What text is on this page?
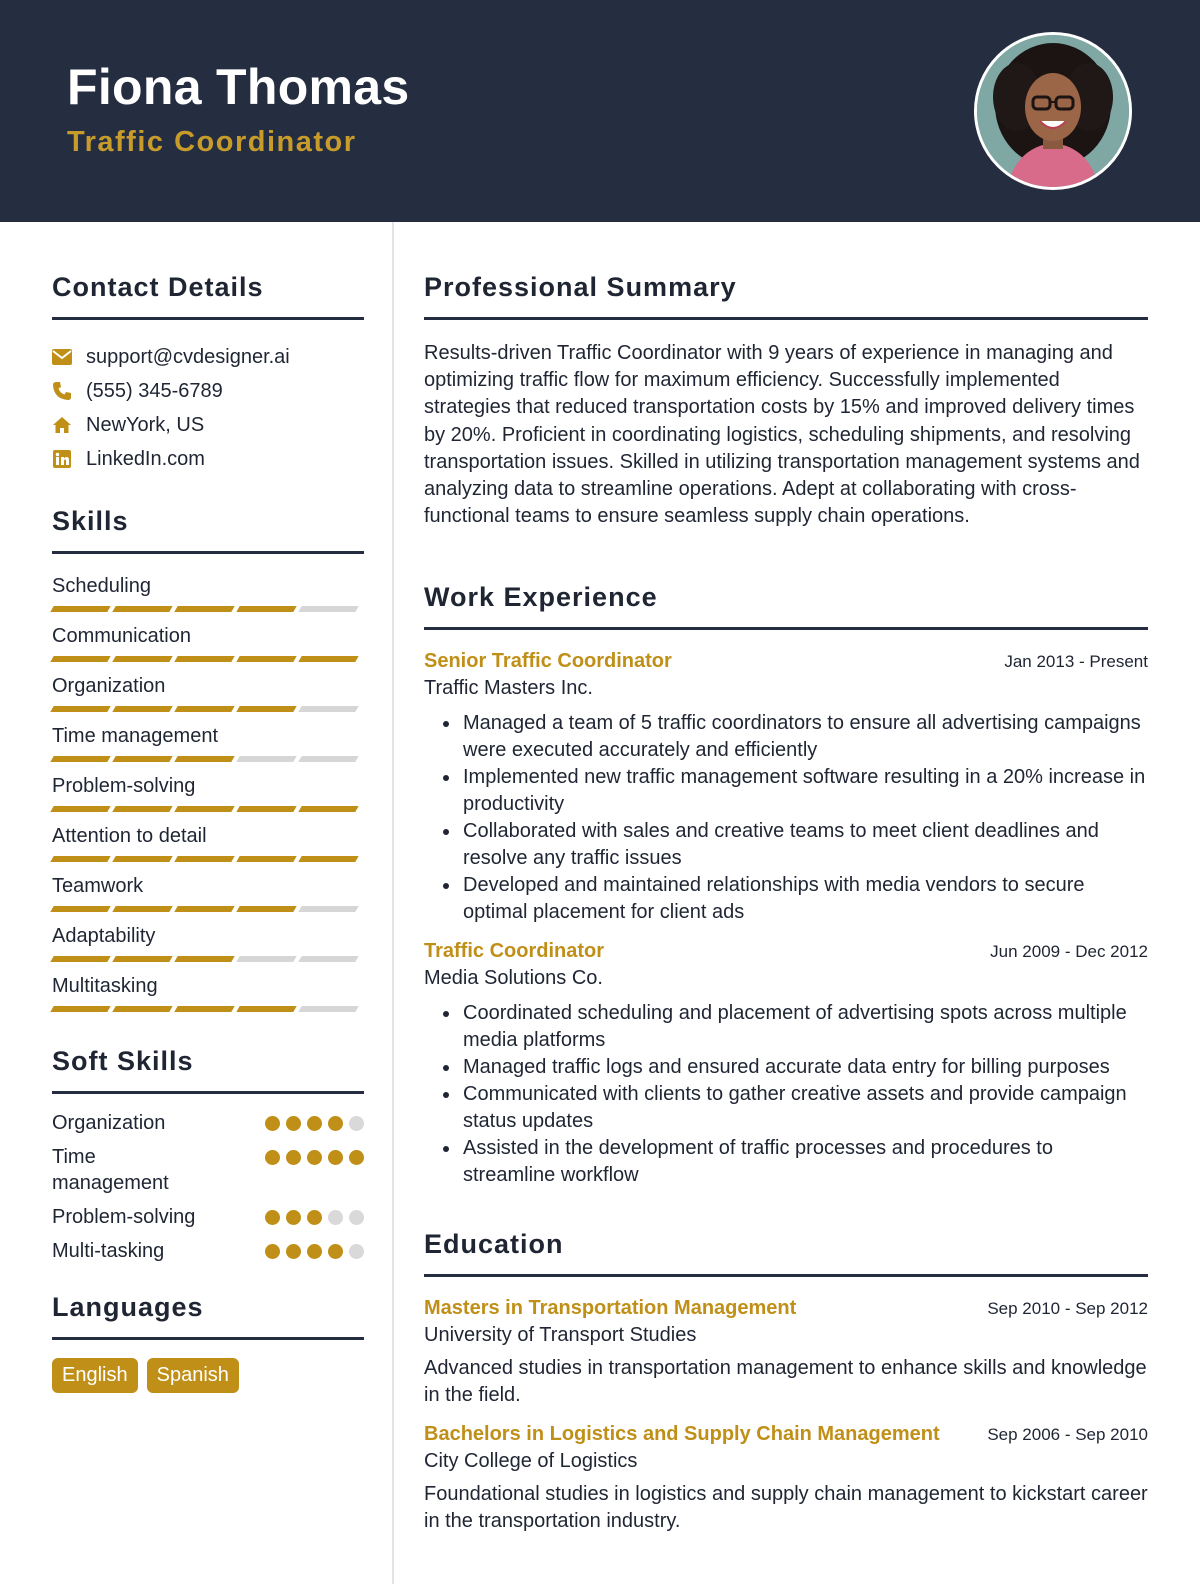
Fiona Thomas
Traffic Coordinator
Contact Details
support@cvdesigner.ai
(555) 345-6789
NewYork, US
LinkedIn.com
Skills
Scheduling
Communication
Organization
Time management
Problem-solving
Attention to detail
Teamwork
Adaptability
Multitasking
Soft Skills
Organization
Time management
Problem-solving
Multi-tasking
Languages
English	Spanish
Professional Summary

Results-driven Traffic Coordinator with 9 years of experience in managing and optimizing traffic flow for maximum efficiency. Successfully implemented strategies that reduced transportation costs by 15% and improved delivery times by 20%. Proficient in coordinating logistics, scheduling shipments, and resolving transportation issues. Skilled in utilizing transportation management systems and analyzing data to streamline operations. Adept at collaborating with cross-functional teams to ensure seamless supply chain operations.

Work Experience
Senior Traffic Coordinator	Jan 2013 - Present
Traffic Masters Inc.
• Managed a team of 5 traffic coordinators to ensure all advertising campaigns were executed accurately and efficiently
• Implemented new traffic management software resulting in a 20% increase in productivity
• Collaborated with sales and creative teams to meet client deadlines and resolve any traffic issues
• Developed and maintained relationships with media vendors to secure optimal placement for client ads
Traffic Coordinator	Jun 2009 - Dec 2012
Media Solutions Co.
• Coordinated scheduling and placement of advertising spots across multiple media platforms
• Managed traffic logs and ensured accurate data entry for billing purposes
• Communicated with clients to gather creative assets and provide campaign status updates
• Assisted in the development of traffic processes and procedures to streamline workflow
Education
Masters in Transportation Management	Sep 2010 - Sep 2012
University of Transport Studies

Advanced studies in transportation management to enhance skills and knowledge in the field.

Bachelors in Logistics and Supply Chain Management	Sep 2006 - Sep 2010
City College of Logistics

Foundational studies in logistics and supply chain management to kickstart career in the transportation industry.
